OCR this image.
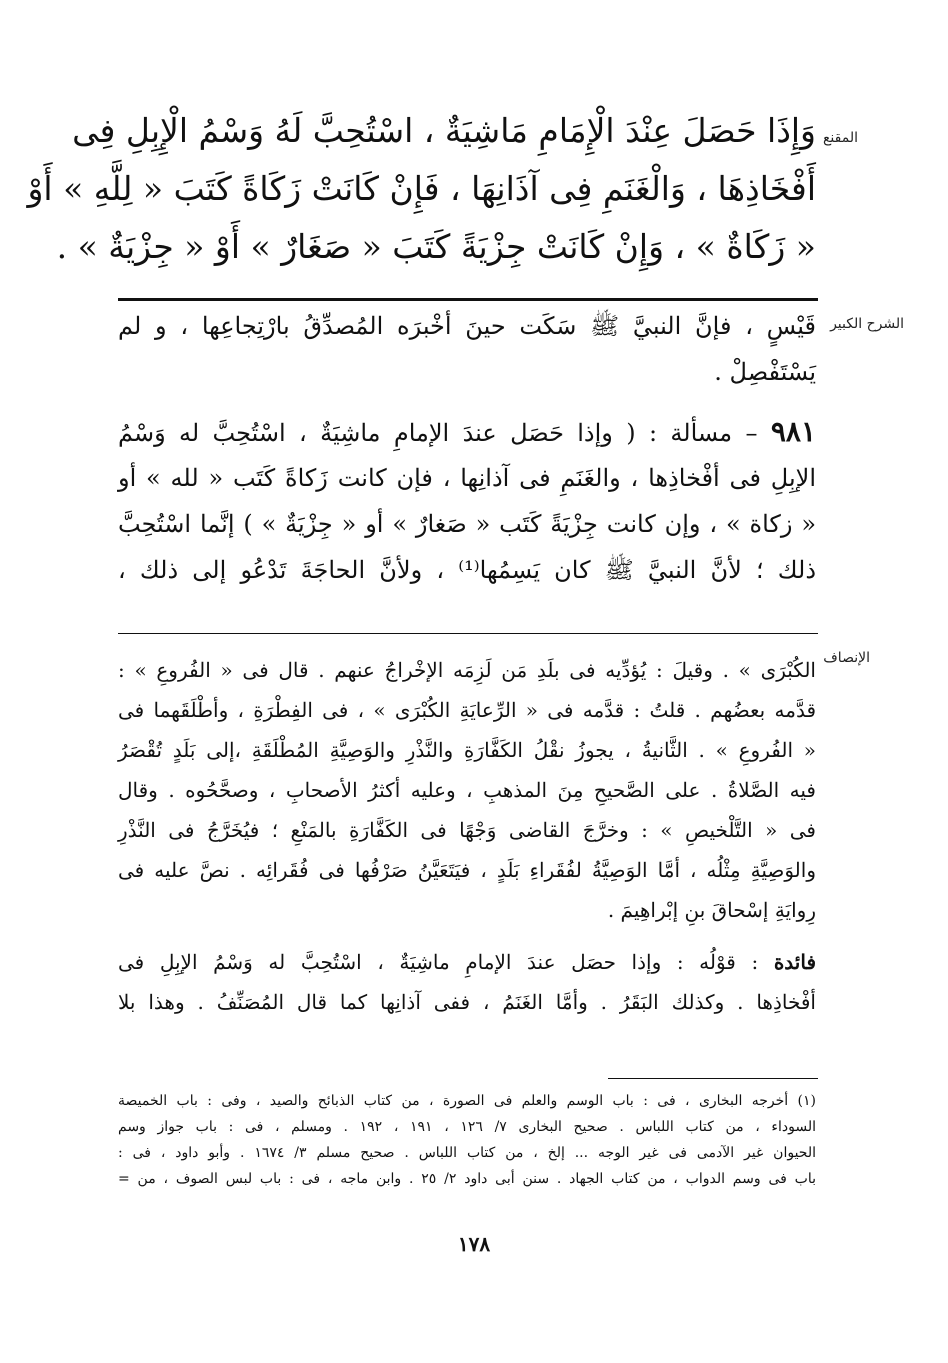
المقنع
الشرح الكبير
الإنصاف
وَإِذَا حَصَلَ عِنْدَ الْإِمَامِ مَاشِيَةٌ ، اسْتُحِبَّ لَهُ وَسْمُ الْإِبِلِ فِى
أَفْخَاذِهَا ، وَالْغَنَمِ فِى آذَانِهَا ، فَإِنْ كَانَتْ زَكَاةً كَتَبَ « لِلَّهِ » أَوْ
« زَكَاةٌ » ، وَإِنْ كَانَتْ جِزْيَةً كَتَبَ « صَغَارٌ » أَوْ « جِزْيَةٌ » .
قَيْسٍ ، فإنَّ النبيَّ ﷺ سَكَت حينَ أخْبرَه المُصدِّقُ بارْتِجاعِها ، و لم
يَسْتَفْصِلْ .
٩٨١ – مسألة : ( وإذا حَصَل عندَ الإمامِ ماشِيَةٌ ، اسْتُحِبَّ له وَسْمُ
الإبِلِ فى أفْخاذِها ، والغَنَمِ فى آذانِها ، فإن كانت زَكاةً كَتَب « لله » أو
« زكاة » ، وإن كانت جِزْيَةً كَتَب « صَغارٌ » أو « جِزْيَةٌ » ) إنَّما اسْتُحِبَّ
ذلك ؛ لأنَّ النبيَّ ﷺ كان يَسِمُها⁽¹⁾ ، ولأنَّ الحاجَةَ تَدْعُو إلى ذلك ،
الكُبْرَى » . وقيلَ : يُؤدِّيه فى بلَدِ مَن لَزِمَه الإخْراجُ عنهم . قال فى « الفُروعِ » :
قدَّمه بعضُهم . قلتُ : قدَّمه فى « الرِّعايَةِ الكُبْرَى » ، فى الفِطْرَةِ ، وأطْلَقَهما فى
« الفُروعِ » . الثَّانيةُ ، يجوزُ نقْلُ الكَفَّارَةِ والنَّذْرِ والوَصِيَّةِ المُطْلَقَةِ ،إلى بَلَدٍ تُقْصَرُ
فيه الصَّلاةُ . على الصَّحيحِ مِنَ المذهبِ ، وعليه أكثرُ الأصحابِ ، وصحَّحُوه . وقال
فى « التَّلْخيصِ » : وخرَّجَ القاضى وَجْهًا فى الكَفَّارَةِ بالمَنْعِ ؛ فيُخَرَّجُ فى النَّذْرِ
والوَصِيَّةِ مِثْلُه ، أمَّا الوَصِيَّةُ لفُقَراءِ بَلَدٍ ، فيَتَعَيَّنُ صَرْفُها فى فُقَرائِه . نصَّ عليه فى
رِوايَةِ إسْحاقَ بنِ إبْراهِيمَ .
فائدة : قوْلُه : وإذا حصَل عندَ الإمامِ ماشِيَةٌ ، اسْتُحِبَّ له وَسْمُ الإبِلِ فى
أفْخاذِها . وكذلك البَقَرُ . وأمَّا الغَنَمُ ، ففى آذانِها كما قال المُصَنِّفُ . وهذا بلا
(١) أخرجه البخارى ، فى : باب الوسم والعلم فى الصورة ، من كتاب الذبائح والصيد ، وفى : باب الخميصة
السوداء ، من كتاب اللباس . صحيح البخارى ٧/ ١٢٦ ، ١٩١ ، ١٩٢ . ومسلم ، فى : باب جواز وسم
الحيوان غير الآدمى فى غير الوجه ... إلخ ، من كتاب اللباس . صحيح مسلم ٣/ ١٦٧٤ . وأبو داود ، فى :
باب فى وسم الدواب ، من كتاب الجهاد . سنن أبى داود ٢/ ٢٥ . وابن ماجه ، فى : باب لبس الصوف ، من =
١٧٨
